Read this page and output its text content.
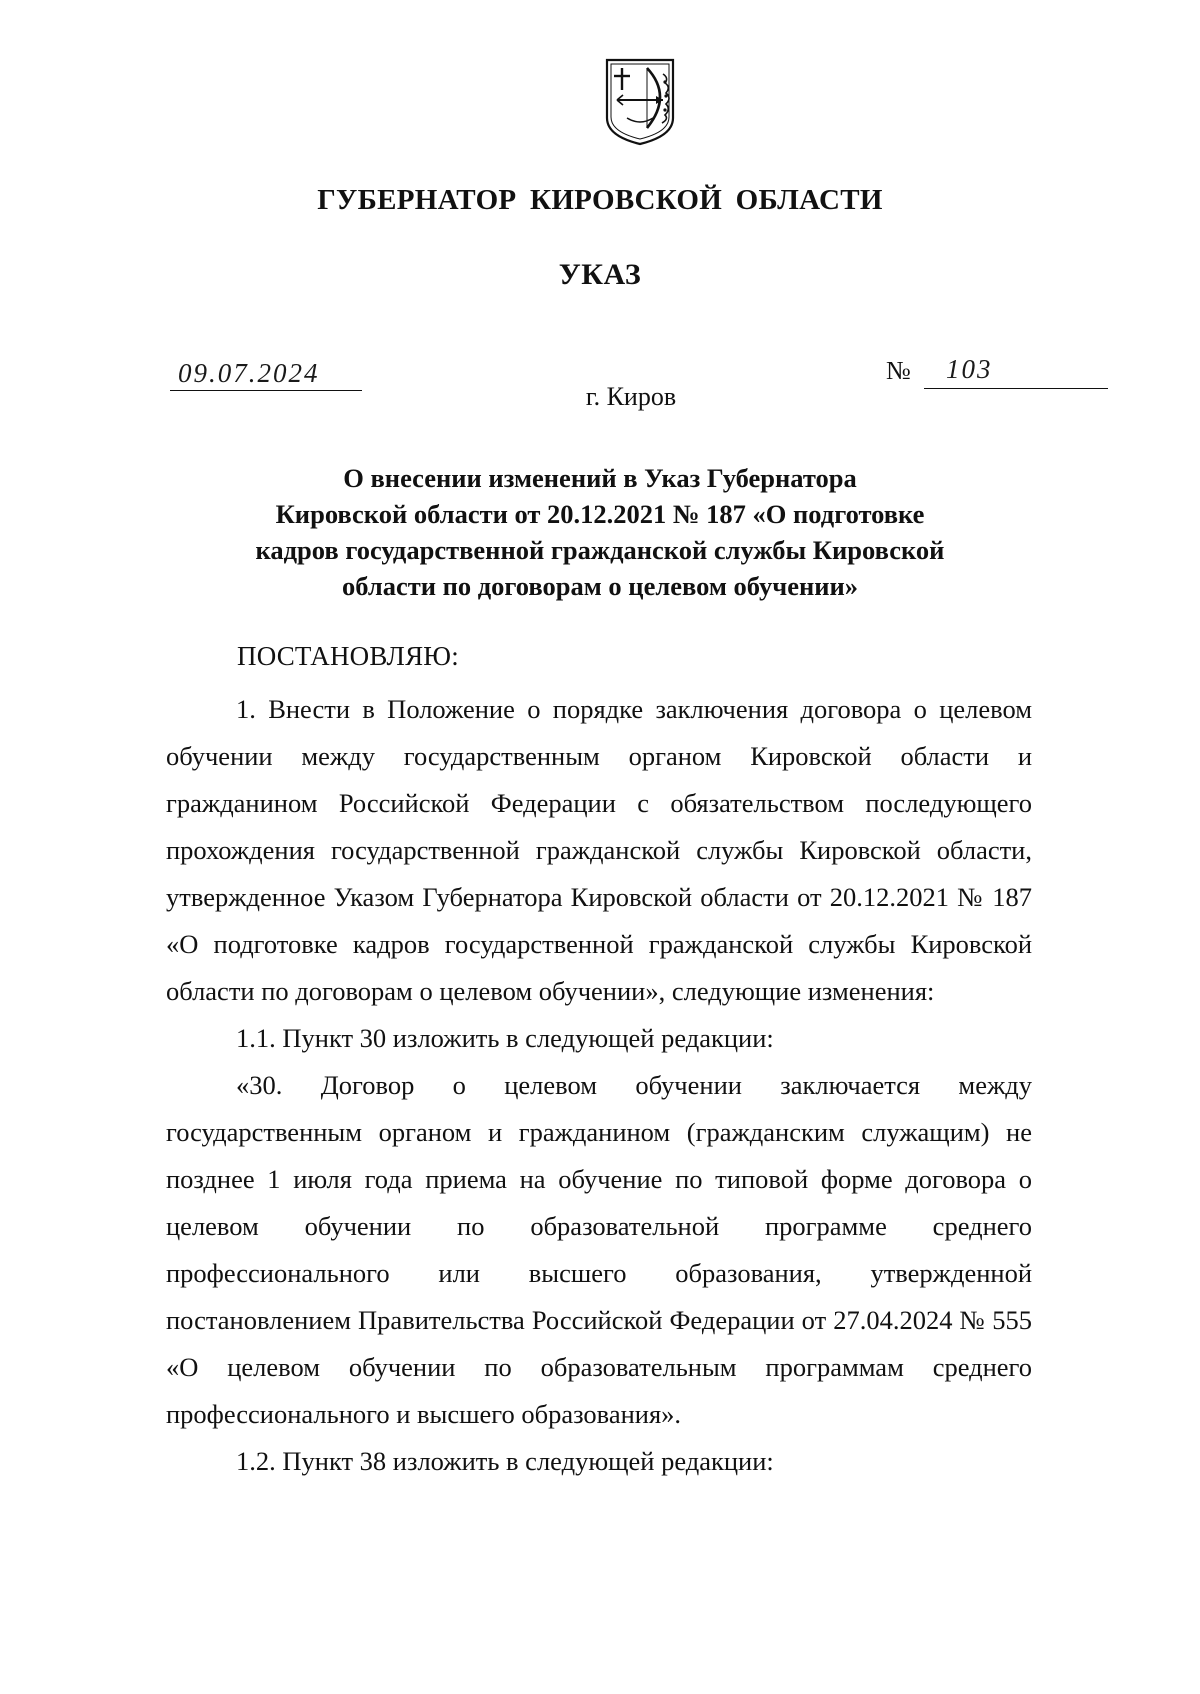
ГУБЕРНАТОР КИРОВСКОЙ ОБЛАСТИ
УКАЗ
09.07.2024	№ 103
г. Киров
О внесении изменений в Указ Губернатора
Кировской области от 20.12.2021 № 187 «О подготовке
кадров государственной гражданской службы Кировской
области по договорам о целевом обучении»
ПОСТАНОВЛЯЮ:

1. Внести в Положение о порядке заключения договора о целевом обучении между государственным органом Кировской области и гражданином Российской Федерации с обязательством последующего прохождения государственной гражданской службы Кировской области, утвержденное Указом Губернатора Кировской области от 20.12.2021 № 187 «О подготовке кадров государственной гражданской службы Кировской области по договорам о целевом обучении», следующие изменения:

1.1. Пункт 30 изложить в следующей редакции:

«30. Договор о целевом обучении заключается между государственным органом и гражданином (гражданским служащим) не позднее 1 июля года приема на обучение по типовой форме договора о целевом обучении по образовательной программе среднего профессионального или высшего образования, утвержденной постановлением Правительства Российской Федерации от 27.04.2024 № 555 «О целевом обучении по образовательным программам среднего профессионального и высшего образования».

1.2. Пункт 38 изложить в следующей редакции:
